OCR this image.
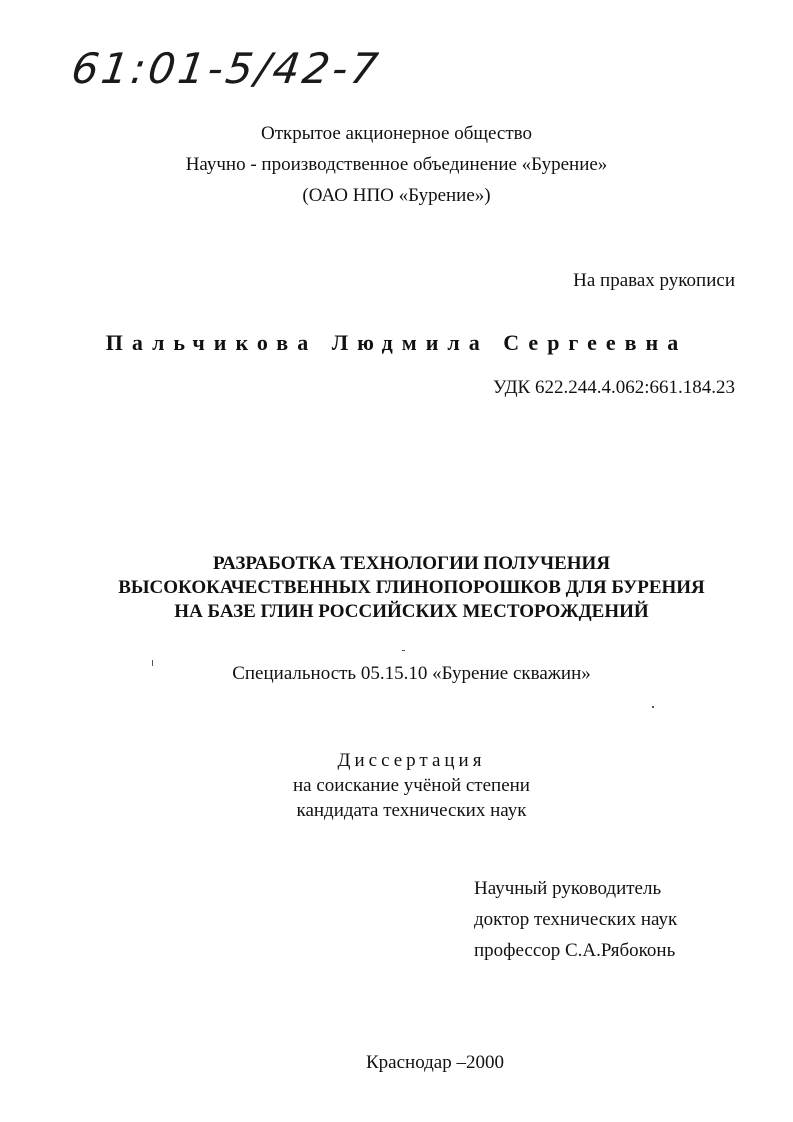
61:01-5/42-7
Открытое акционерное общество
Научно - производственное объединение «Бурение»
(ОАО НПО «Бурение»)
На правах рукописи
Пальчикова Людмила Сергеевна
УДК 622.244.4.062:661.184.23
РАЗРАБОТКА ТЕХНОЛОГИИ ПОЛУЧЕНИЯ
ВЫСОКОКАЧЕСТВЕННЫХ ГЛИНОПОРОШКОВ ДЛЯ БУРЕНИЯ
НА БАЗЕ ГЛИН РОССИЙСКИХ МЕСТОРОЖДЕНИЙ
Специальность 05.15.10 «Бурение скважин»
Диссертация
на соискание учёной степени
кандидата технических наук
Научный руководитель
доктор технических наук
профессор С.А.Рябоконь
Краснодар –2000
